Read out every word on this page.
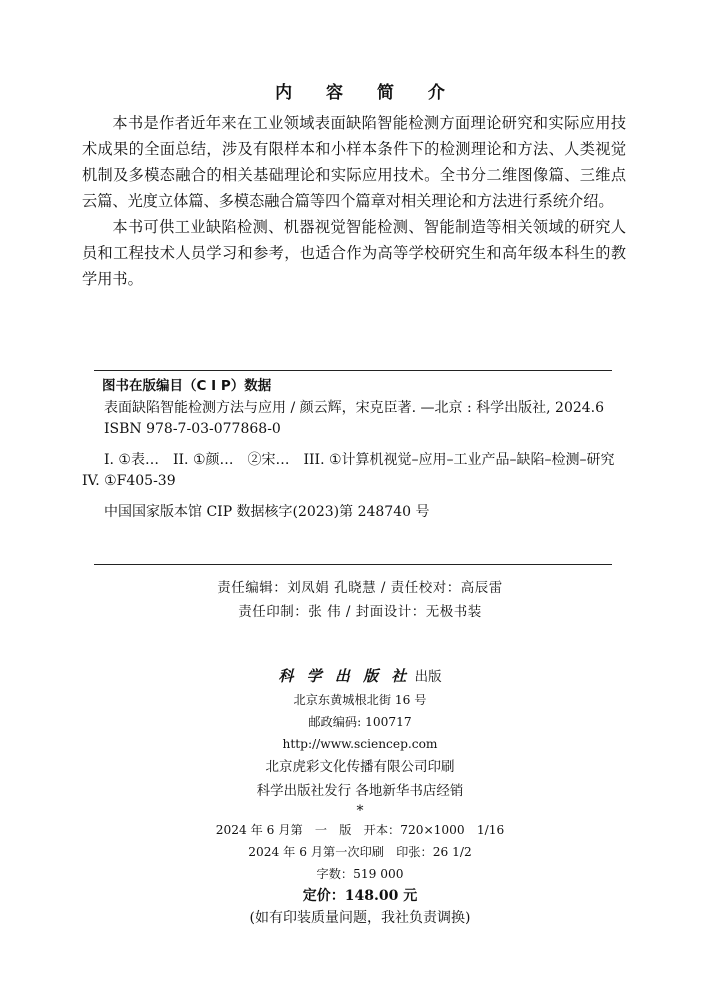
内 容 简 介

本书是作者近年来在工业领域表面缺陷智能检测方面理论研究和实际应用技术成果的全面总结，涉及有限样本和小样本条件下的检测理论和方法、人类视觉机制及多模态融合的相关基础理论和实际应用技术。全书分二维图像篇、三维点云篇、光度立体篇、多模态融合篇等四个篇章对相关理论和方法进行系统介绍。

本书可供工业缺陷检测、机器视觉智能检测、智能制造等相关领域的研究人员和工程技术人员学习和参考，也适合作为高等学校研究生和高年级本科生的教学用书。

图书在版编目（C I P）数据
表面缺陷智能检测方法与应用 / 颜云辉，宋克臣著. —北京 : 科学出版社, 2024.6
ISBN 978-7-03-077868-0
I. ①表…　II. ①颜…　②宋…　III. ①计算机视觉–应用–工业产品–缺陷–检测–研究　IV. ①F405-39
中国国家版本馆 CIP 数据核字(2023)第 248740 号
责任编辑：刘凤娟 孔晓慧 / 责任校对：高辰雷
责任印制：张 伟 / 封面设计：无极书装
科 学 出 版 社 出版
北京东黄城根北街 16 号
邮政编码: 100717
http://www.sciencep.com
北京虎彩文化传播有限公司印刷
科学出版社发行 各地新华书店经销
*
2024 年 6 月第　一　版　开本：720×1000　1/16
2024 年 6 月第一次印刷　印张：26 1/2
字数：519 000
定价：148.00 元
(如有印装质量问题，我社负责调换)
